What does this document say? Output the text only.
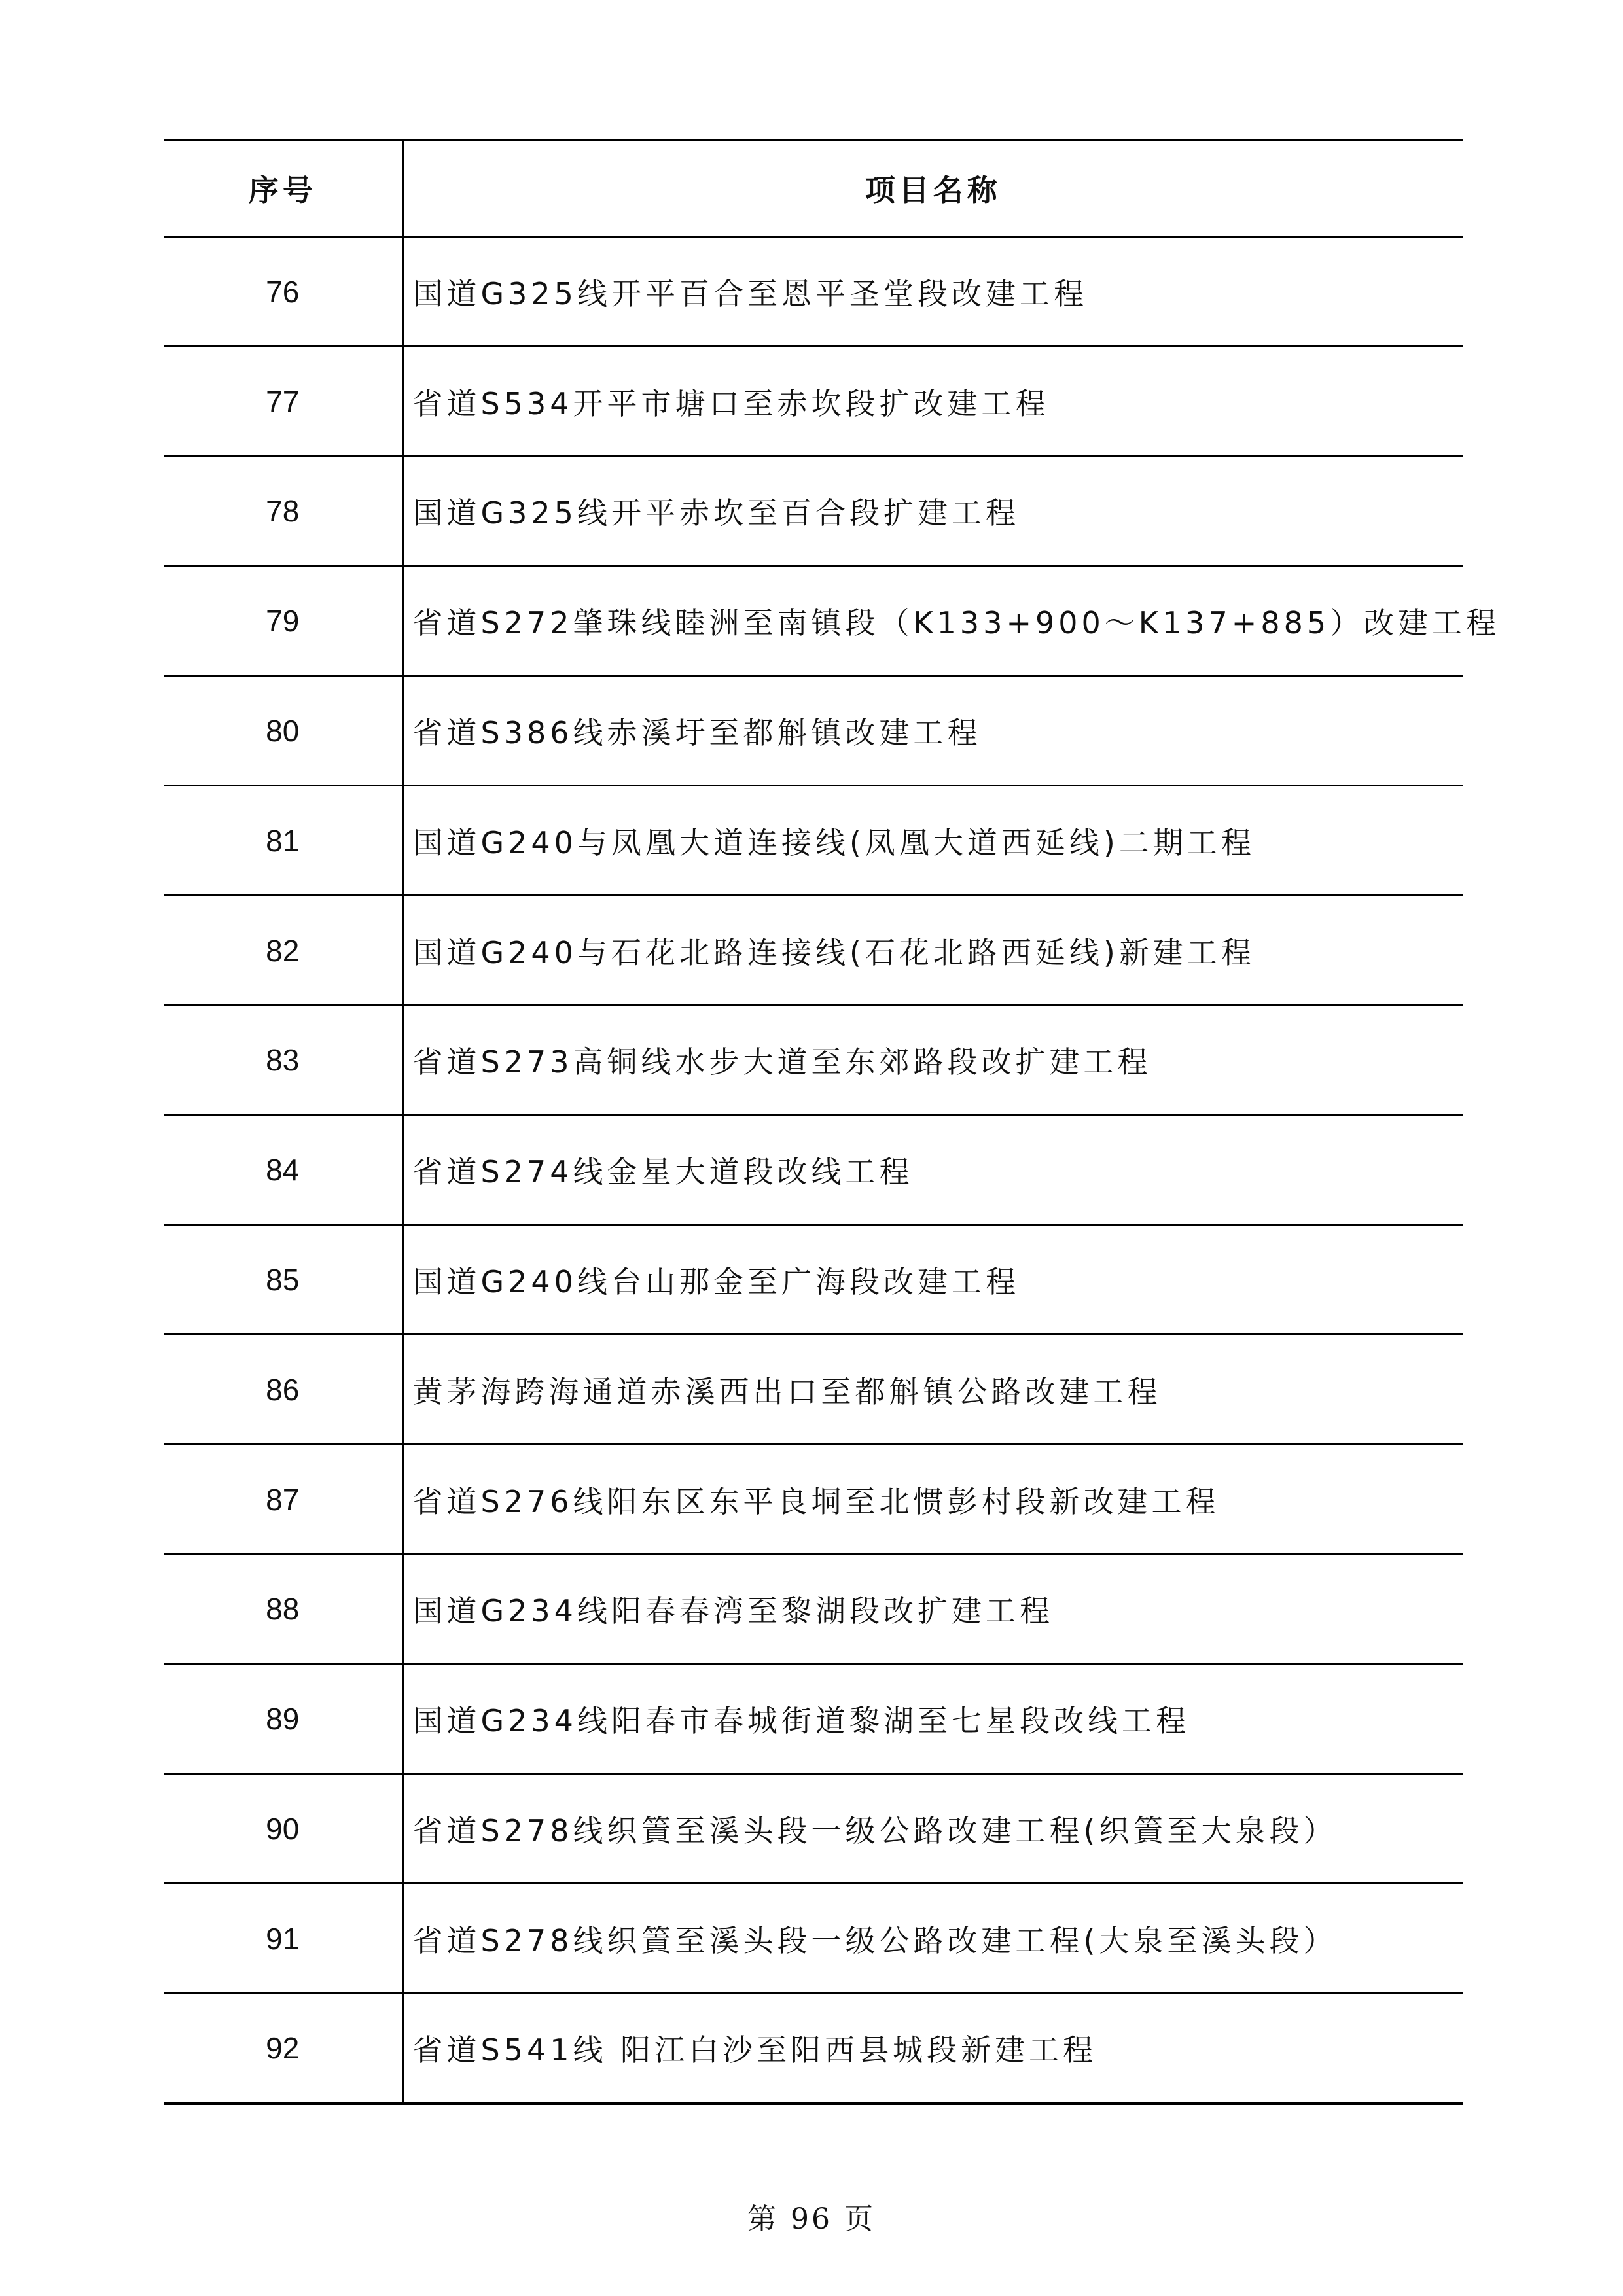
序号	项目名称
76	国道G325线开平百合至恩平圣堂段改建工程
77	省道S534开平市塘口至赤坎段扩改建工程
78	国道G325线开平赤坎至百合段扩建工程
79	省道S272肇珠线睦洲至南镇段（K133+900～K137+885）改建工程
80	省道S386线赤溪圩至都斛镇改建工程
81	国道G240与凤凰大道连接线(凤凰大道西延线)二期工程
82	国道G240与石花北路连接线(石花北路西延线)新建工程
83	省道S273高铜线水步大道至东郊路段改扩建工程
84	省道S274线金星大道段改线工程
85	国道G240线台山那金至广海段改建工程
86	黄茅海跨海通道赤溪西出口至都斛镇公路改建工程
87	省道S276线阳东区东平良垌至北惯彭村段新改建工程
88	国道G234线阳春春湾至黎湖段改扩建工程
89	国道G234线阳春市春城街道黎湖至七星段改线工程
90	省道S278线织篢至溪头段一级公路改建工程(织篢至大泉段）
91	省道S278线织篢至溪头段一级公路改建工程(大泉至溪头段）
92	省道S541线 阳江白沙至阳西县城段新建工程
第 96 页
